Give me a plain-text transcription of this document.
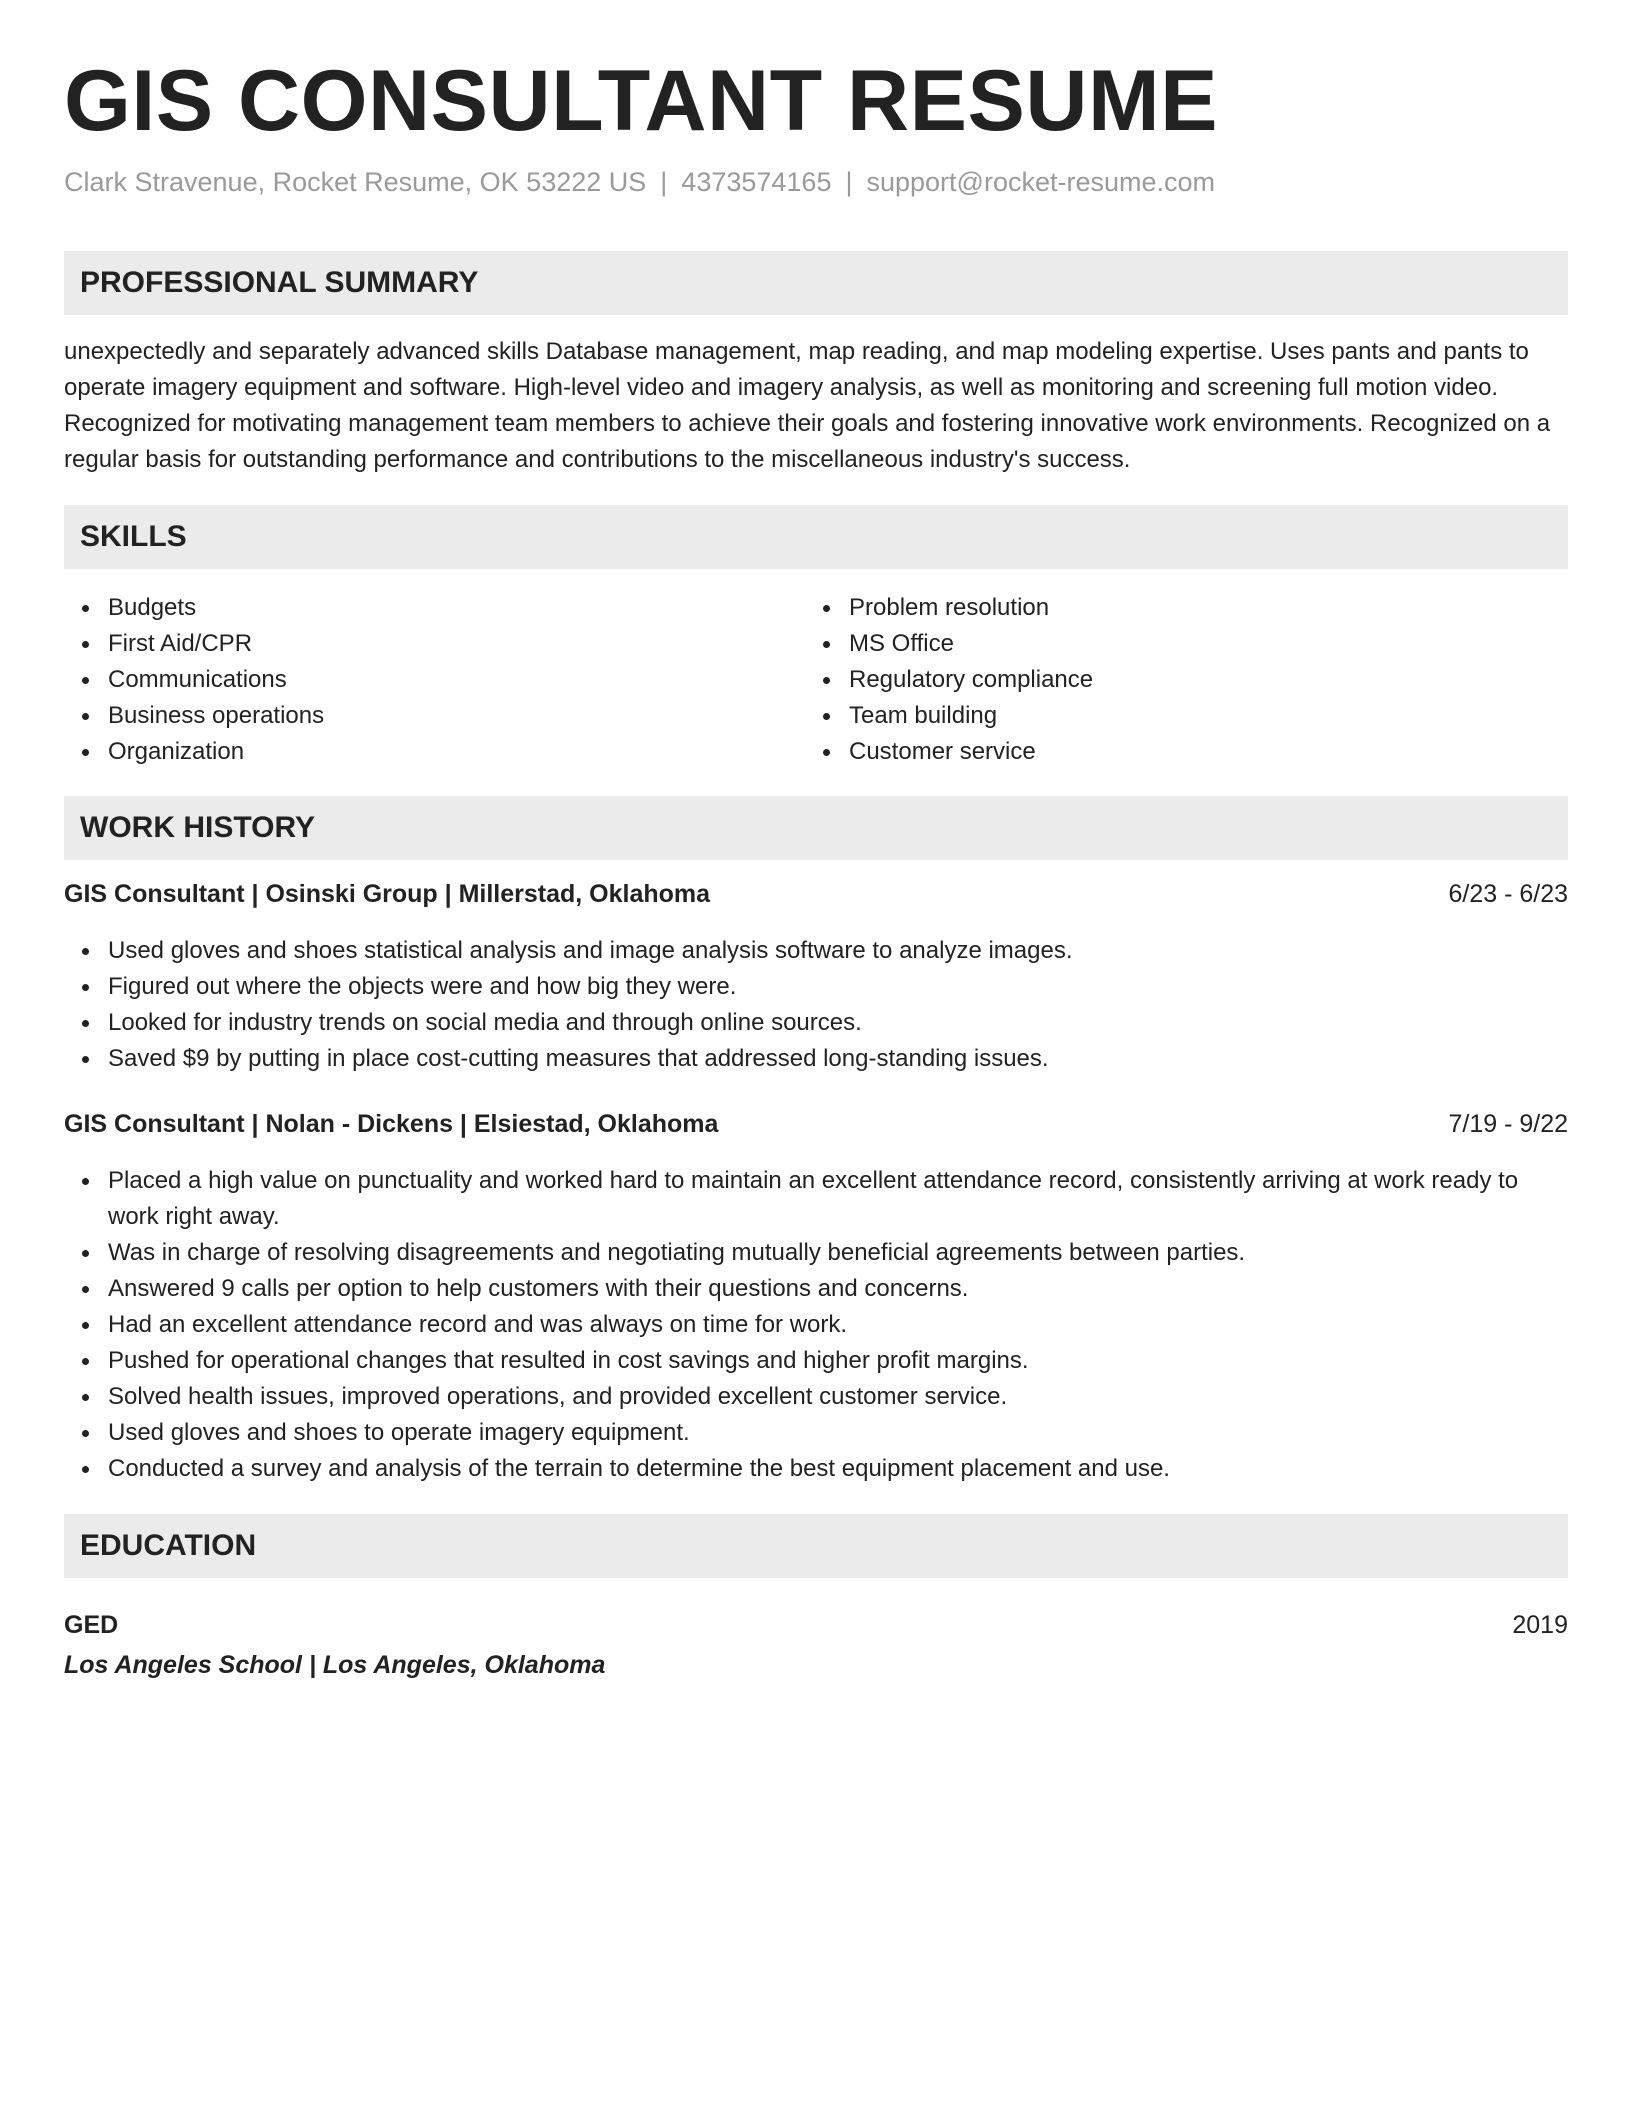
GIS CONSULTANT RESUME
Clark Stravenue, Rocket Resume, OK 53222 US | 4373574165 | support@rocket-resume.com
PROFESSIONAL SUMMARY

unexpectedly and separately advanced skills Database management, map reading, and map modeling expertise. Uses pants and pants to operate imagery equipment and software. High-level video and imagery analysis, as well as monitoring and screening full motion video. Recognized for motivating management team members to achieve their goals and fostering innovative work environments. Recognized on a regular basis for outstanding performance and contributions to the miscellaneous industry's success.

SKILLS
Budgets
First Aid/CPR
Communications
Business operations
Organization
Problem resolution
MS Office
Regulatory compliance
Team building
Customer service
WORK HISTORY
GIS Consultant | Osinski Group | Millerstad, Oklahoma	6/23 - 6/23
Used gloves and shoes statistical analysis and image analysis software to analyze images.
Figured out where the objects were and how big they were.
Looked for industry trends on social media and through online sources.
Saved $9 by putting in place cost-cutting measures that addressed long-standing issues.
GIS Consultant | Nolan - Dickens | Elsiestad, Oklahoma	7/19 - 9/22
Placed a high value on punctuality and worked hard to maintain an excellent attendance record, consistently arriving at work ready to work right away.
Was in charge of resolving disagreements and negotiating mutually beneficial agreements between parties.
Answered 9 calls per option to help customers with their questions and concerns.
Had an excellent attendance record and was always on time for work.
Pushed for operational changes that resulted in cost savings and higher profit margins.
Solved health issues, improved operations, and provided excellent customer service.
Used gloves and shoes to operate imagery equipment.
Conducted a survey and analysis of the terrain to determine the best equipment placement and use.
EDUCATION
GED	2019
Los Angeles School | Los Angeles, Oklahoma
